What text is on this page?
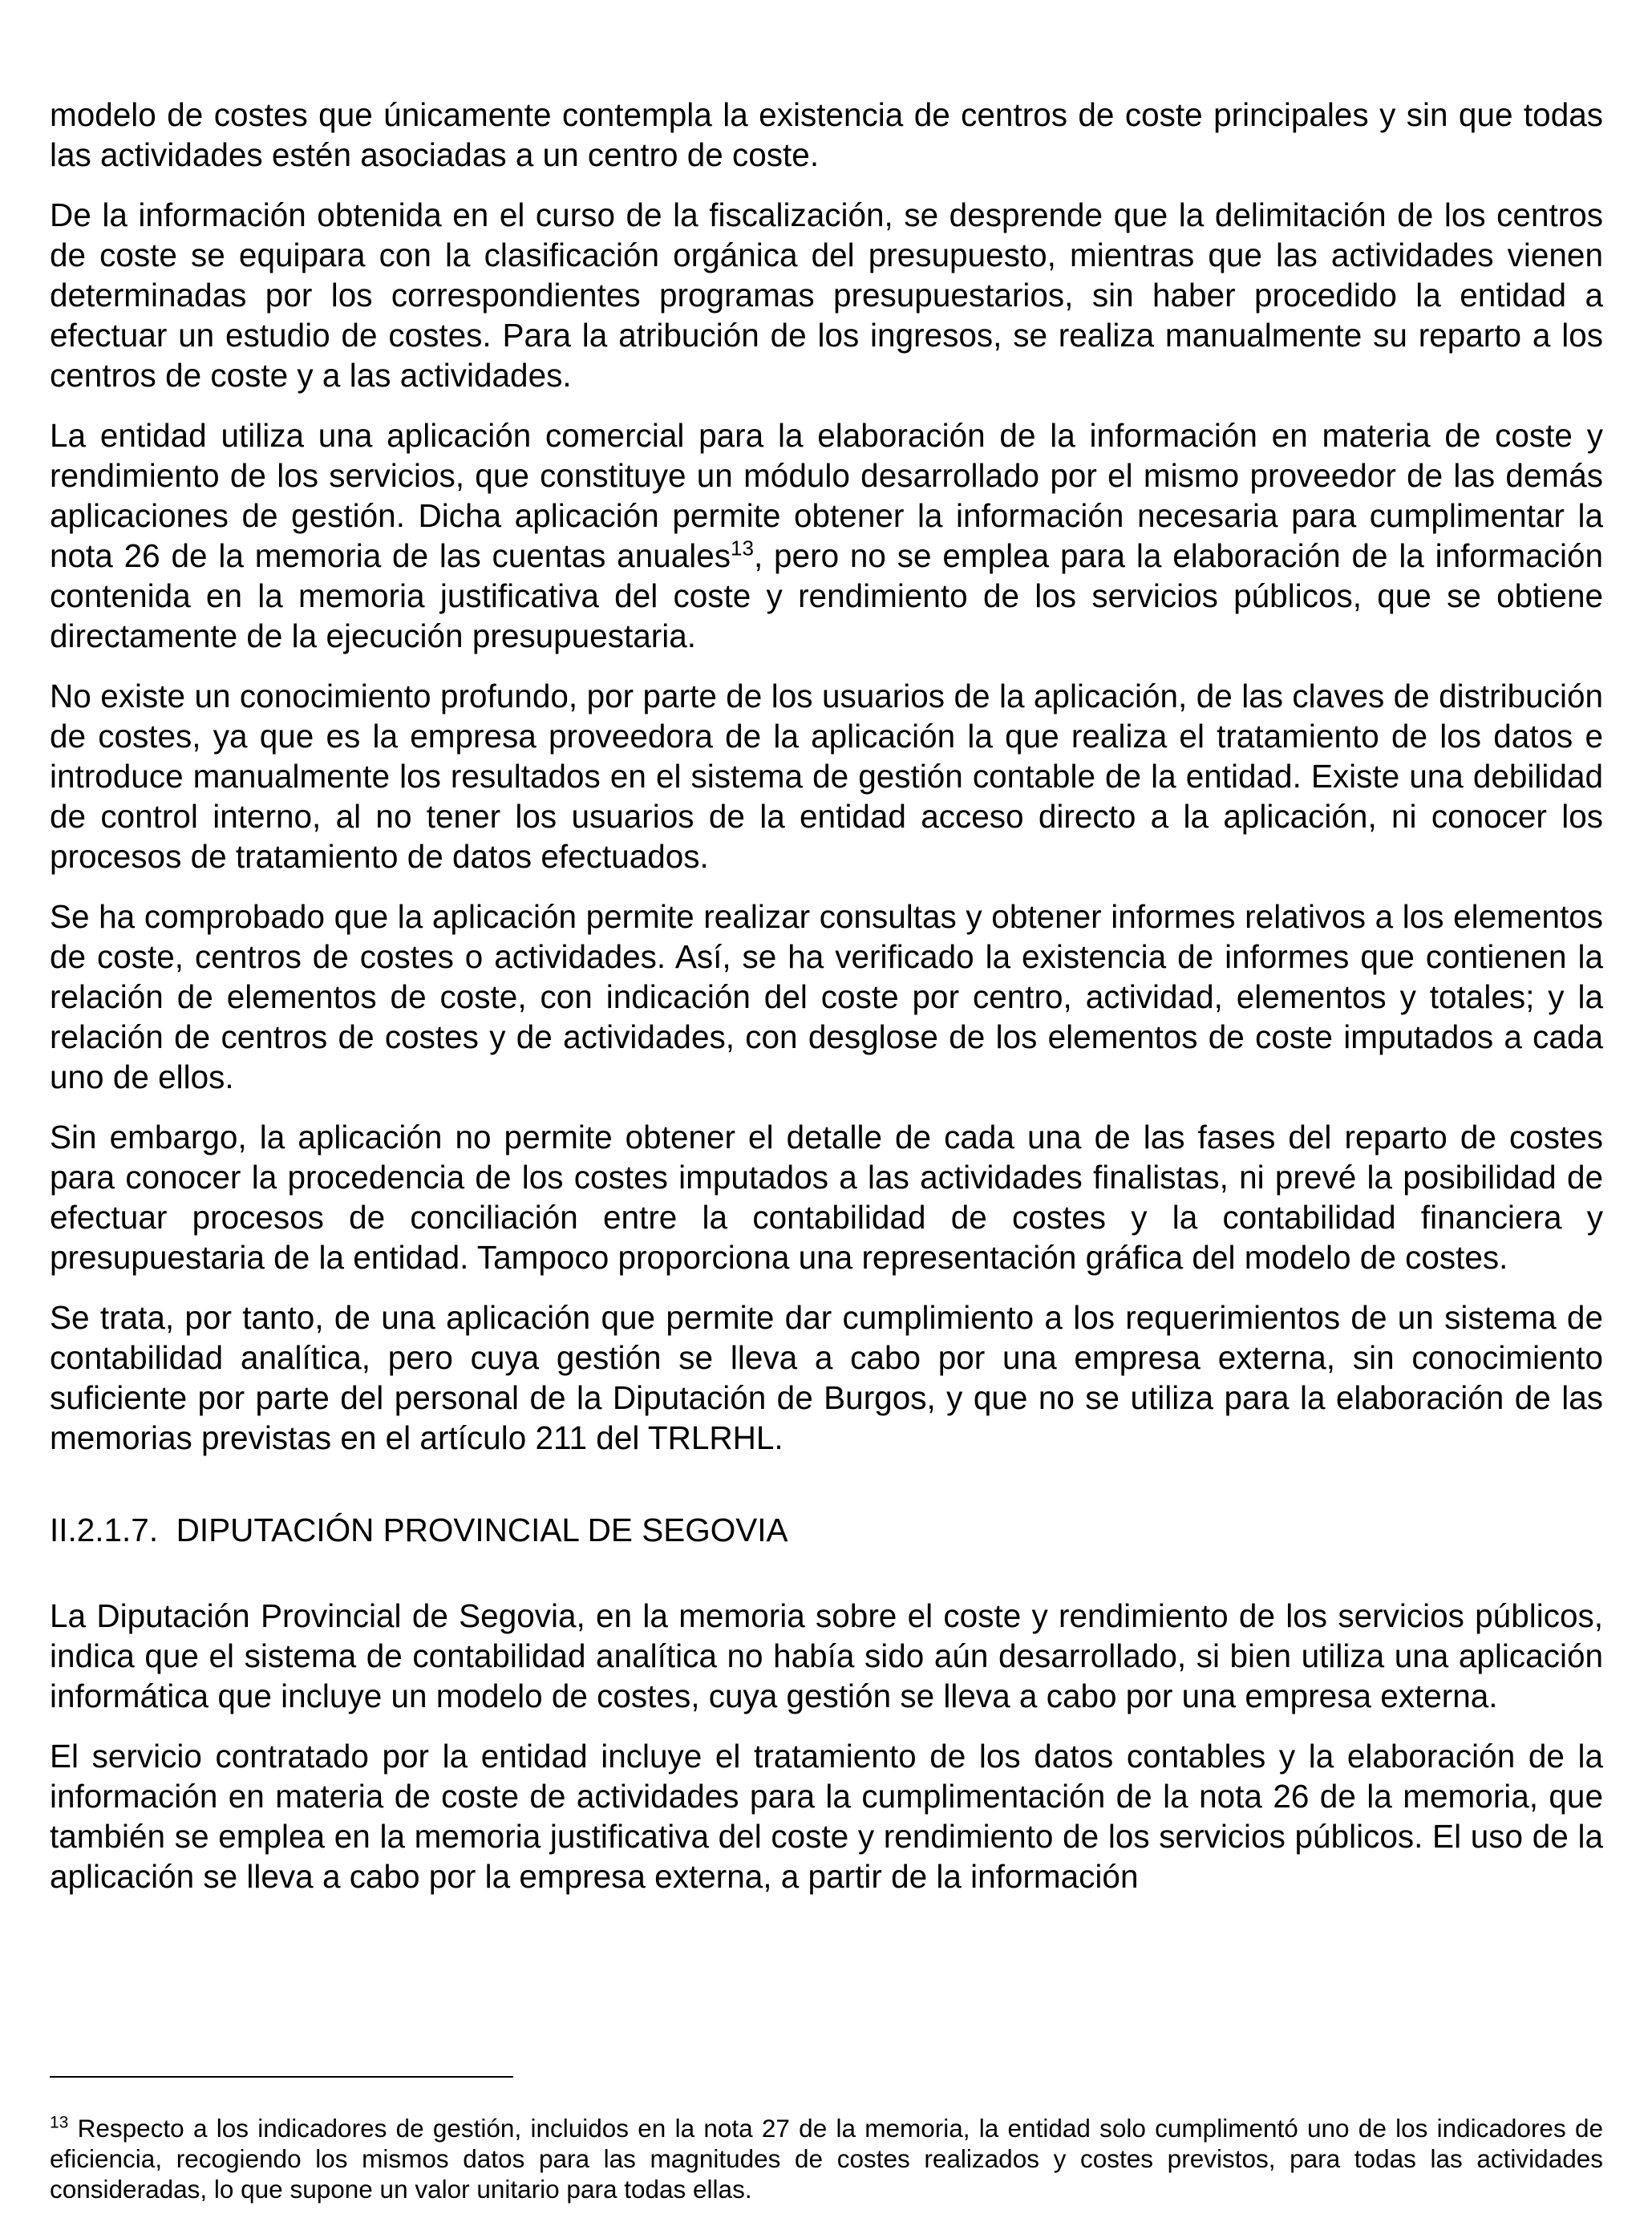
modelo de costes que únicamente contempla la existencia de centros de coste principales y sin que todas las actividades estén asociadas a un centro de coste.

De la información obtenida en el curso de la fiscalización, se desprende que la delimitación de los centros de coste se equipara con la clasificación orgánica del presupuesto, mientras que las actividades vienen determinadas por los correspondientes programas presupuestarios, sin haber procedido la entidad a efectuar un estudio de costes. Para la atribución de los ingresos, se realiza manualmente su reparto a los centros de coste y a las actividades.

La entidad utiliza una aplicación comercial para la elaboración de la información en materia de coste y rendimiento de los servicios, que constituye un módulo desarrollado por el mismo proveedor de las demás aplicaciones de gestión. Dicha aplicación permite obtener la información necesaria para cumplimentar la nota 26 de la memoria de las cuentas anuales$^{13}$, pero no se emplea para la elaboración de la información contenida en la memoria justificativa del coste y rendimiento de los servicios públicos, que se obtiene directamente de la ejecución presupuestaria.

No existe un conocimiento profundo, por parte de los usuarios de la aplicación, de las claves de distribución de costes, ya que es la empresa proveedora de la aplicación la que realiza el tratamiento de los datos e introduce manualmente los resultados en el sistema de gestión contable de la entidad. Existe una debilidad de control interno, al no tener los usuarios de la entidad acceso directo a la aplicación, ni conocer los procesos de tratamiento de datos efectuados.

Se ha comprobado que la aplicación permite realizar consultas y obtener informes relativos a los elementos de coste, centros de costes o actividades. Así, se ha verificado la existencia de informes que contienen la relación de elementos de coste, con indicación del coste por centro, actividad, elementos y totales; y la relación de centros de costes y de actividades, con desglose de los elementos de coste imputados a cada uno de ellos.

Sin embargo, la aplicación no permite obtener el detalle de cada una de las fases del reparto de costes para conocer la procedencia de los costes imputados a las actividades finalistas, ni prevé la posibilidad de efectuar procesos de conciliación entre la contabilidad de costes y la contabilidad financiera y presupuestaria de la entidad. Tampoco proporciona una representación gráfica del modelo de costes.

Se trata, por tanto, de una aplicación que permite dar cumplimiento a los requerimientos de un sistema de contabilidad analítica, pero cuya gestión se lleva a cabo por una empresa externa, sin conocimiento suficiente por parte del personal de la Diputación de Burgos, y que no se utiliza para la elaboración de las memorias previstas en el artículo 211 del TRLRHL.

II.2.1.7. DIPUTACIÓN PROVINCIAL DE SEGOVIA

La Diputación Provincial de Segovia, en la memoria sobre el coste y rendimiento de los servicios públicos, indica que el sistema de contabilidad analítica no había sido aún desarrollado, si bien utiliza una aplicación informática que incluye un modelo de costes, cuya gestión se lleva a cabo por una empresa externa.

El servicio contratado por la entidad incluye el tratamiento de los datos contables y la elaboración de la información en materia de coste de actividades para la cumplimentación de la nota 26 de la memoria, que también se emplea en la memoria justificativa del coste y rendimiento de los servicios públicos. El uso de la aplicación se lleva a cabo por la empresa externa, a partir de la información

$^{13}$ Respecto a los indicadores de gestión, incluidos en la nota 27 de la memoria, la entidad solo cumplimentó uno de los indicadores de eficiencia, recogiendo los mismos datos para las magnitudes de costes realizados y costes previstos, para todas las actividades consideradas, lo que supone un valor unitario para todas ellas.
